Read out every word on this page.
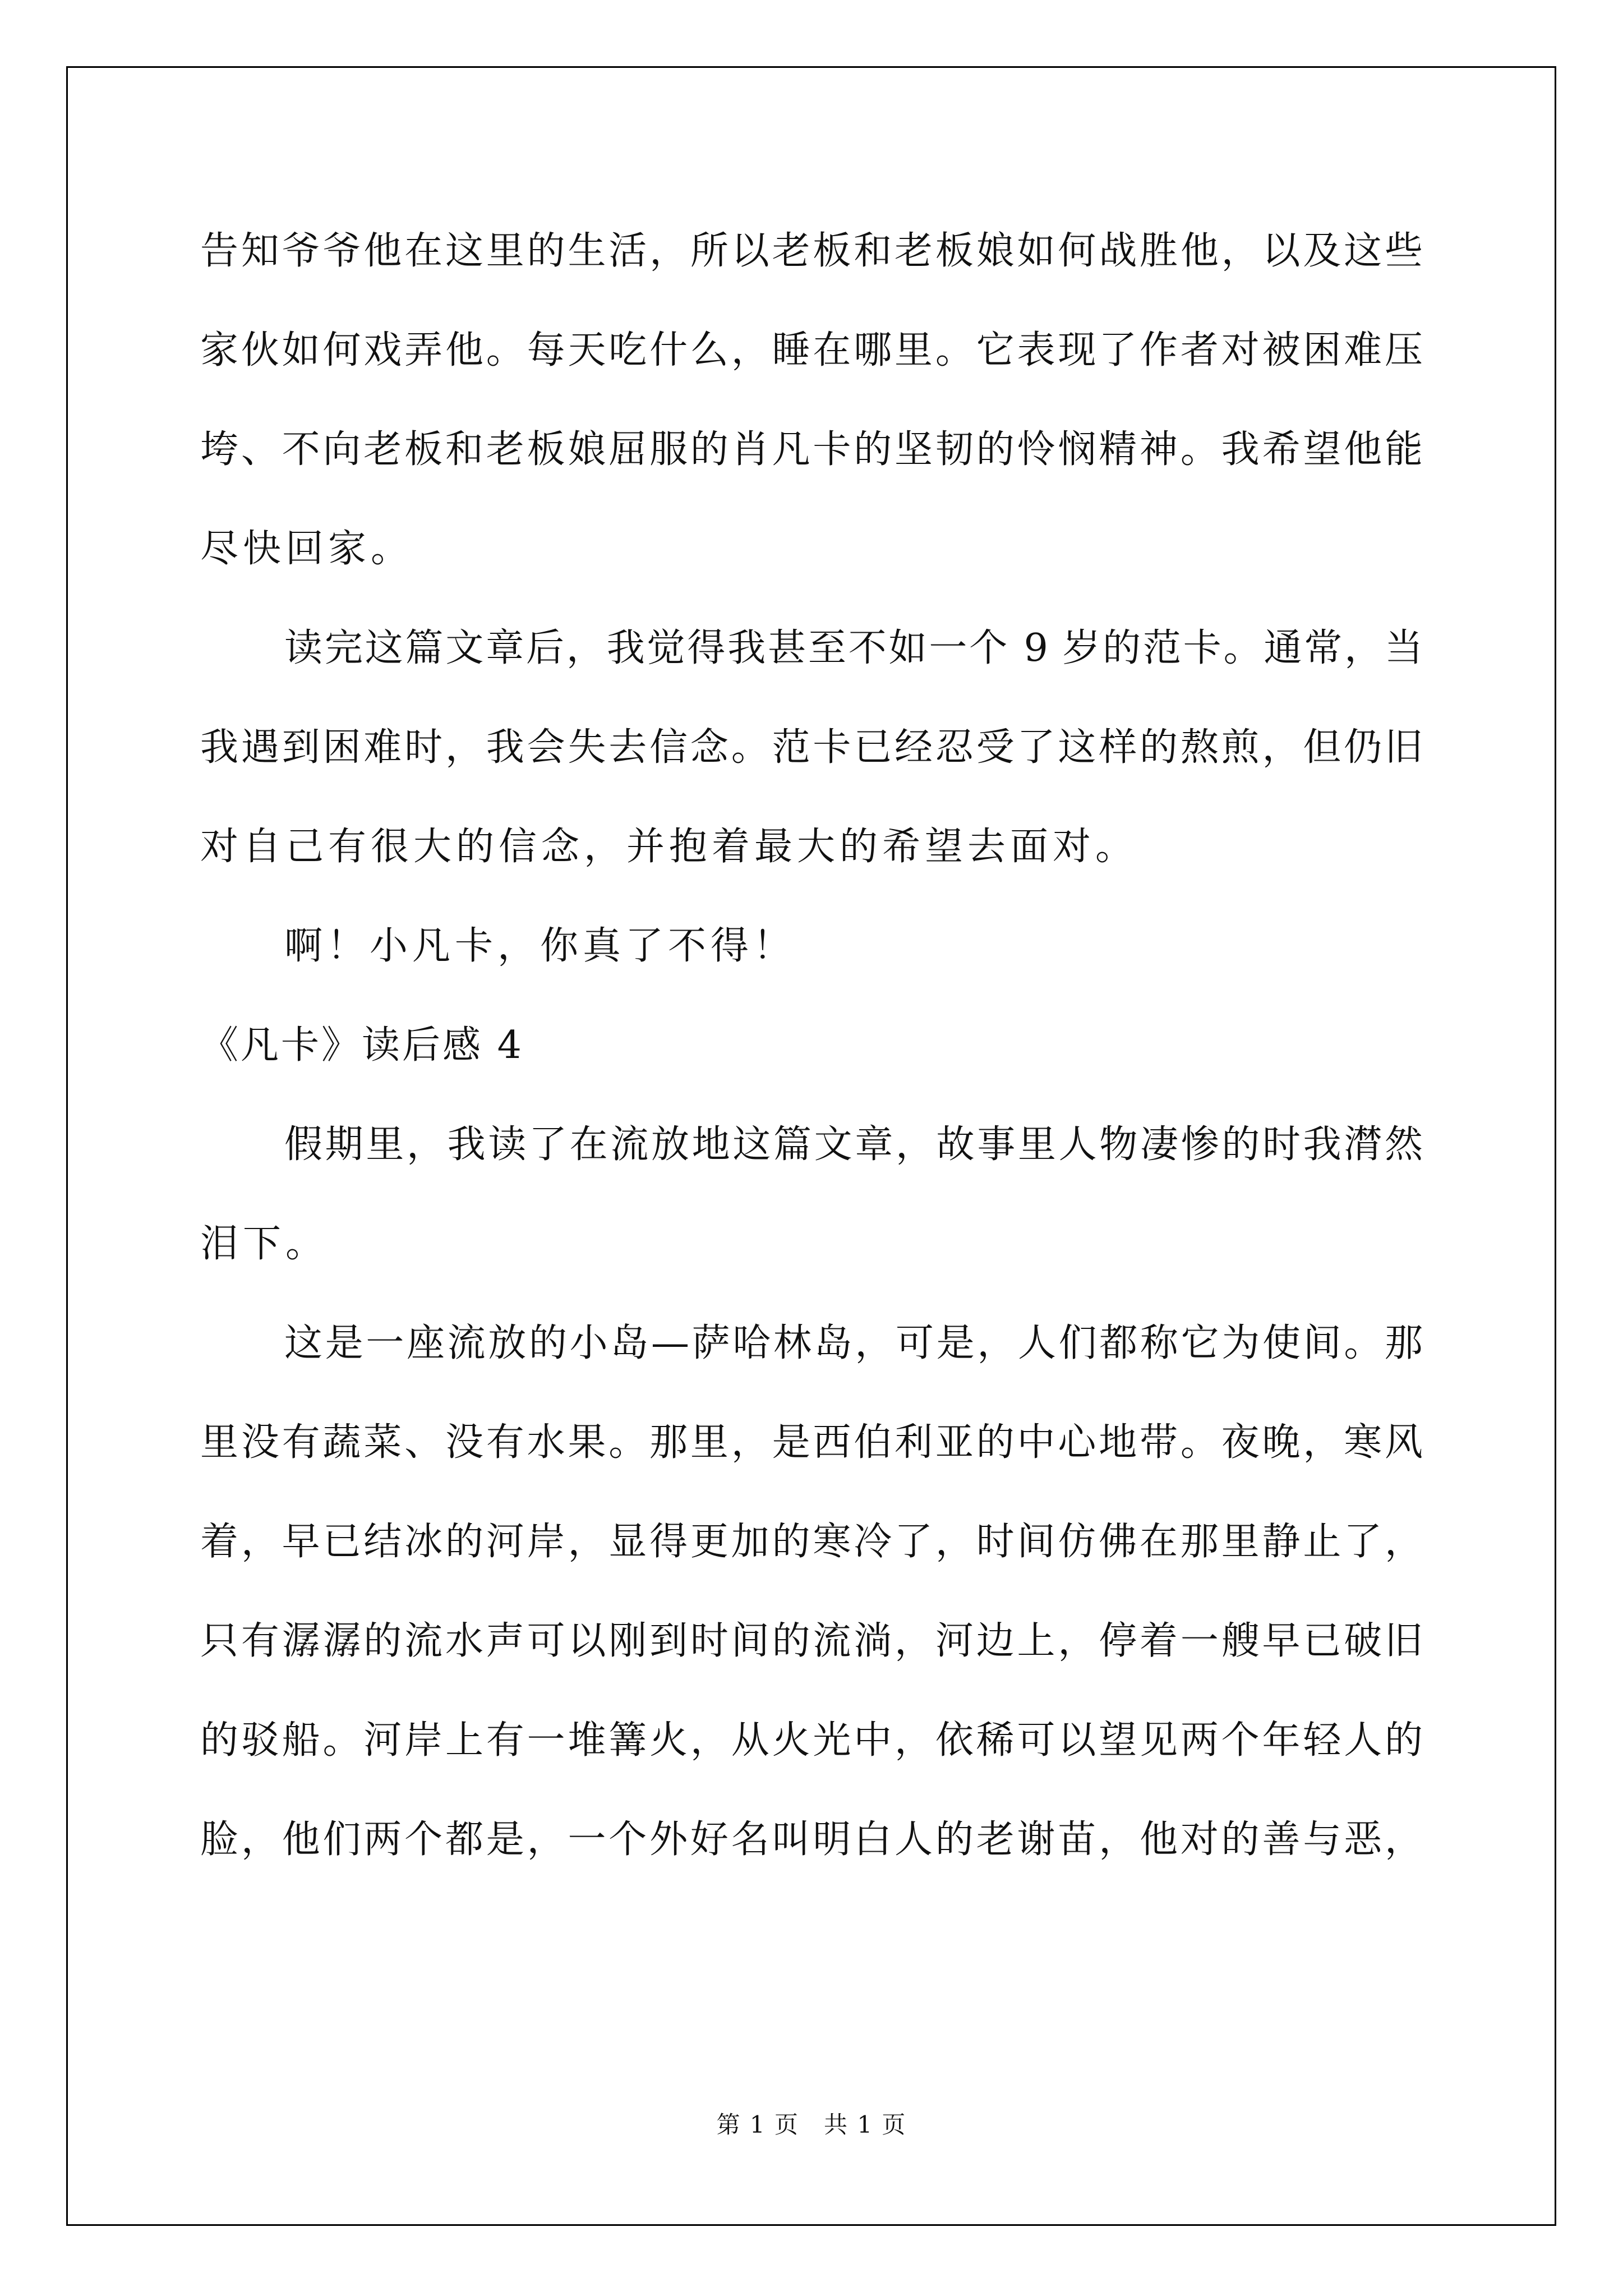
告知爷爷他在这里的生活，所以老板和老板娘如何战胜他，以及这些
家伙如何戏弄他。每天吃什么，睡在哪里。它表现了作者对被困难压
垮、不向老板和老板娘屈服的肖凡卡的坚韧的怜悯精神。我希望他能
尽快回家。
读完这篇文章后，我觉得我甚至不如一个 9 岁的范卡。通常，当
我遇到困难时，我会失去信念。范卡已经忍受了这样的熬煎，但仍旧
对自己有很大的信念，并抱着最大的希望去面对。
啊！小凡卡，你真了不得！
《凡卡》读后感 4
假期里，我读了在流放地这篇文章，故事里人物凄惨的时我潸然
泪下。
这是一座流放的小岛—萨哈林岛，可是，人们都称它为使间。那
里没有蔬菜、没有水果。那里，是西伯利亚的中心地带。夜晚，寒风
着，早已结冰的河岸，显得更加的寒冷了，时间仿佛在那里静止了，
只有潺潺的流水声可以刚到时间的流淌，河边上，停着一艘早已破旧
的驳船。河岸上有一堆篝火，从火光中，依稀可以望见两个年轻人的
脸，他们两个都是，一个外好名叫明白人的老谢苗，他对的善与恶，
第 1 页　共 1 页
